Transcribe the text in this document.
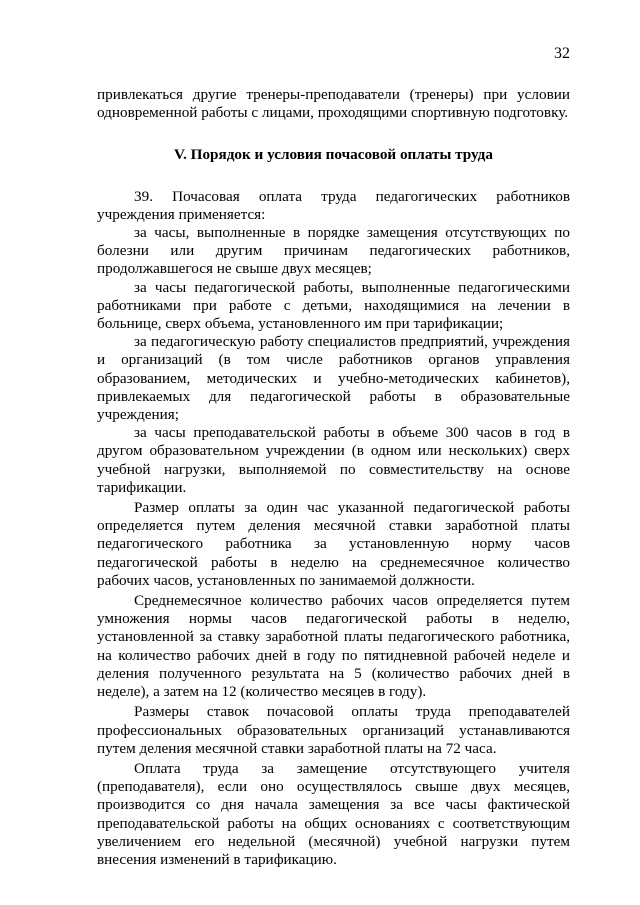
32

привлекаться другие тренеры-преподаватели (тренеры) при условии одновременной работы с лицами, проходящими спортивную подготовку.

V. Порядок и условия почасовой оплаты труда

39. Почасовая оплата труда педагогических работников учреждения применяется:

за часы, выполненные в порядке замещения отсутствующих по болезни или другим причинам педагогических работников, продолжавшегося не свыше двух месяцев;

за часы педагогической работы, выполненные педагогическими работниками при работе с детьми, находящимися на лечении в больнице, сверх объема, установленного им при тарификации;

за педагогическую работу специалистов предприятий, учреждения и организаций (в том числе работников органов управления образованием, методических и учебно-методических кабинетов), привлекаемых для педагогической работы в образовательные учреждения;

за часы преподавательской работы в объеме 300 часов в год в другом образовательном учреждении (в одном или нескольких) сверх учебной нагрузки, выполняемой по совместительству на основе тарификации.

Размер оплаты за один час указанной педагогической работы определяется путем деления месячной ставки заработной платы педагогического работника за установленную норму часов педагогической работы в неделю на среднемесячное количество рабочих часов, установленных по занимаемой должности.

Среднемесячное количество рабочих часов определяется путем умножения нормы часов педагогической работы в неделю, установленной за ставку заработной платы педагогического работника, на количество рабочих дней в году по пятидневной рабочей неделе и деления полученного результата на 5 (количество рабочих дней в неделе), а затем на 12 (количество месяцев в году).

Размеры ставок почасовой оплаты труда преподавателей профессиональных образовательных организаций устанавливаются путем деления месячной ставки заработной платы на 72 часа.

Оплата труда за замещение отсутствующего учителя (преподавателя), если оно осуществлялось свыше двух месяцев, производится со дня начала замещения за все часы фактической преподавательской работы на общих основаниях с соответствующим увеличением его недельной (месячной) учебной нагрузки путем внесения изменений в тарификацию.
